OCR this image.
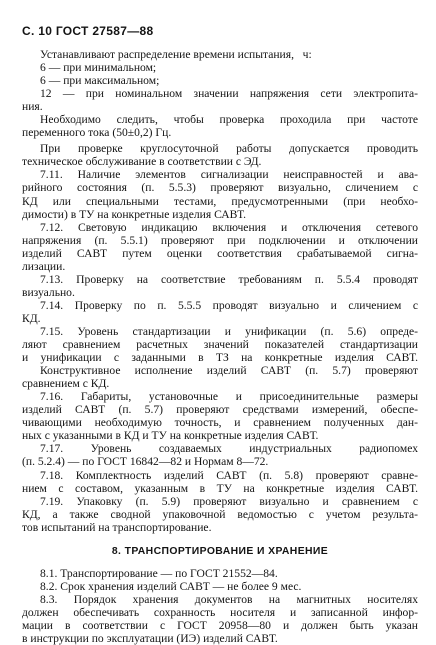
С. 10 ГОСТ 27587—88
Устанавливают распределение времени испытания,   ч:
6 — при минимальном;
6 — при максимальном;
12 — при номинальном значении напряжения сети электропита-
ния.
Необходимо следить, чтобы проверка проходила при частоте
переменного тока (50±0,2) Гц.
При проверке круглосуточной работы допускается проводить
техническое обслуживание в соответствии с ЭД.
7.11. Наличие элементов сигнализации неисправностей и ава-
рийного состояния (п. 5.5.3) проверяют визуально, сличением с
КД или специальными тестами, предусмотренными (при необхо-
димости) в ТУ на конкретные изделия САВТ.
7.12. Световую индикацию включения и отключения сетевого
напряжения (п. 5.5.1) проверяют при подключении и отключении
изделий САВТ путем оценки соответствия срабатываемой сигна-
лизации.
7.13. Проверку на соответствие требованиям п. 5.5.4 проводят
визуально.
7.14. Проверку по п. 5.5.5 проводят визуально и сличением с
КД.
7.15. Уровень стандартизации и унификации (п. 5.6) опреде-
ляют сравнением расчетных значений показателей стандартизации
и унификации с заданными в ТЗ на конкретные изделия САВТ.
Конструктивное исполнение изделий САВТ (п. 5.7) проверяют
сравнением с КД.
7.16. Габариты, установочные и присоединительные размеры
изделий САВТ (п. 5.7) проверяют средствами измерений, обеспе-
чивающими необходимую точность, и сравнением полученных дан-
ных с указанными в КД и ТУ на конкретные изделия САВТ.
7.17. Уровень создаваемых индустриальных радиопомех
(п. 5.2.4) — по ГОСТ 16842—82 и Нормам 8—72.
7.18. Комплектность изделий САВТ (п. 5.8) проверяют сравне-
нием с составом, указанным в ТУ на конкретные изделия САВТ.
7.19. Упаковку (п. 5.9) проверяют визуально и сравнением с
КД, а также сводной упаковочной ведомостью с учетом результа-
тов испытаний на транспортирование.
8. ТРАНСПОРТИРОВАНИЕ И ХРАНЕНИЕ
8.1. Транспортирование — по ГОСТ 21552—84.
8.2. Срок хранения изделий САВТ — не более 9 мес.
8.3. Порядок хранения документов на магнитных носителях
должен обеспечивать сохранность носителя и записанной инфор-
мации в соответствии с ГОСТ 20958—80 и должен быть указан
в инструкции по эксплуатации (ИЭ) изделий САВТ.
